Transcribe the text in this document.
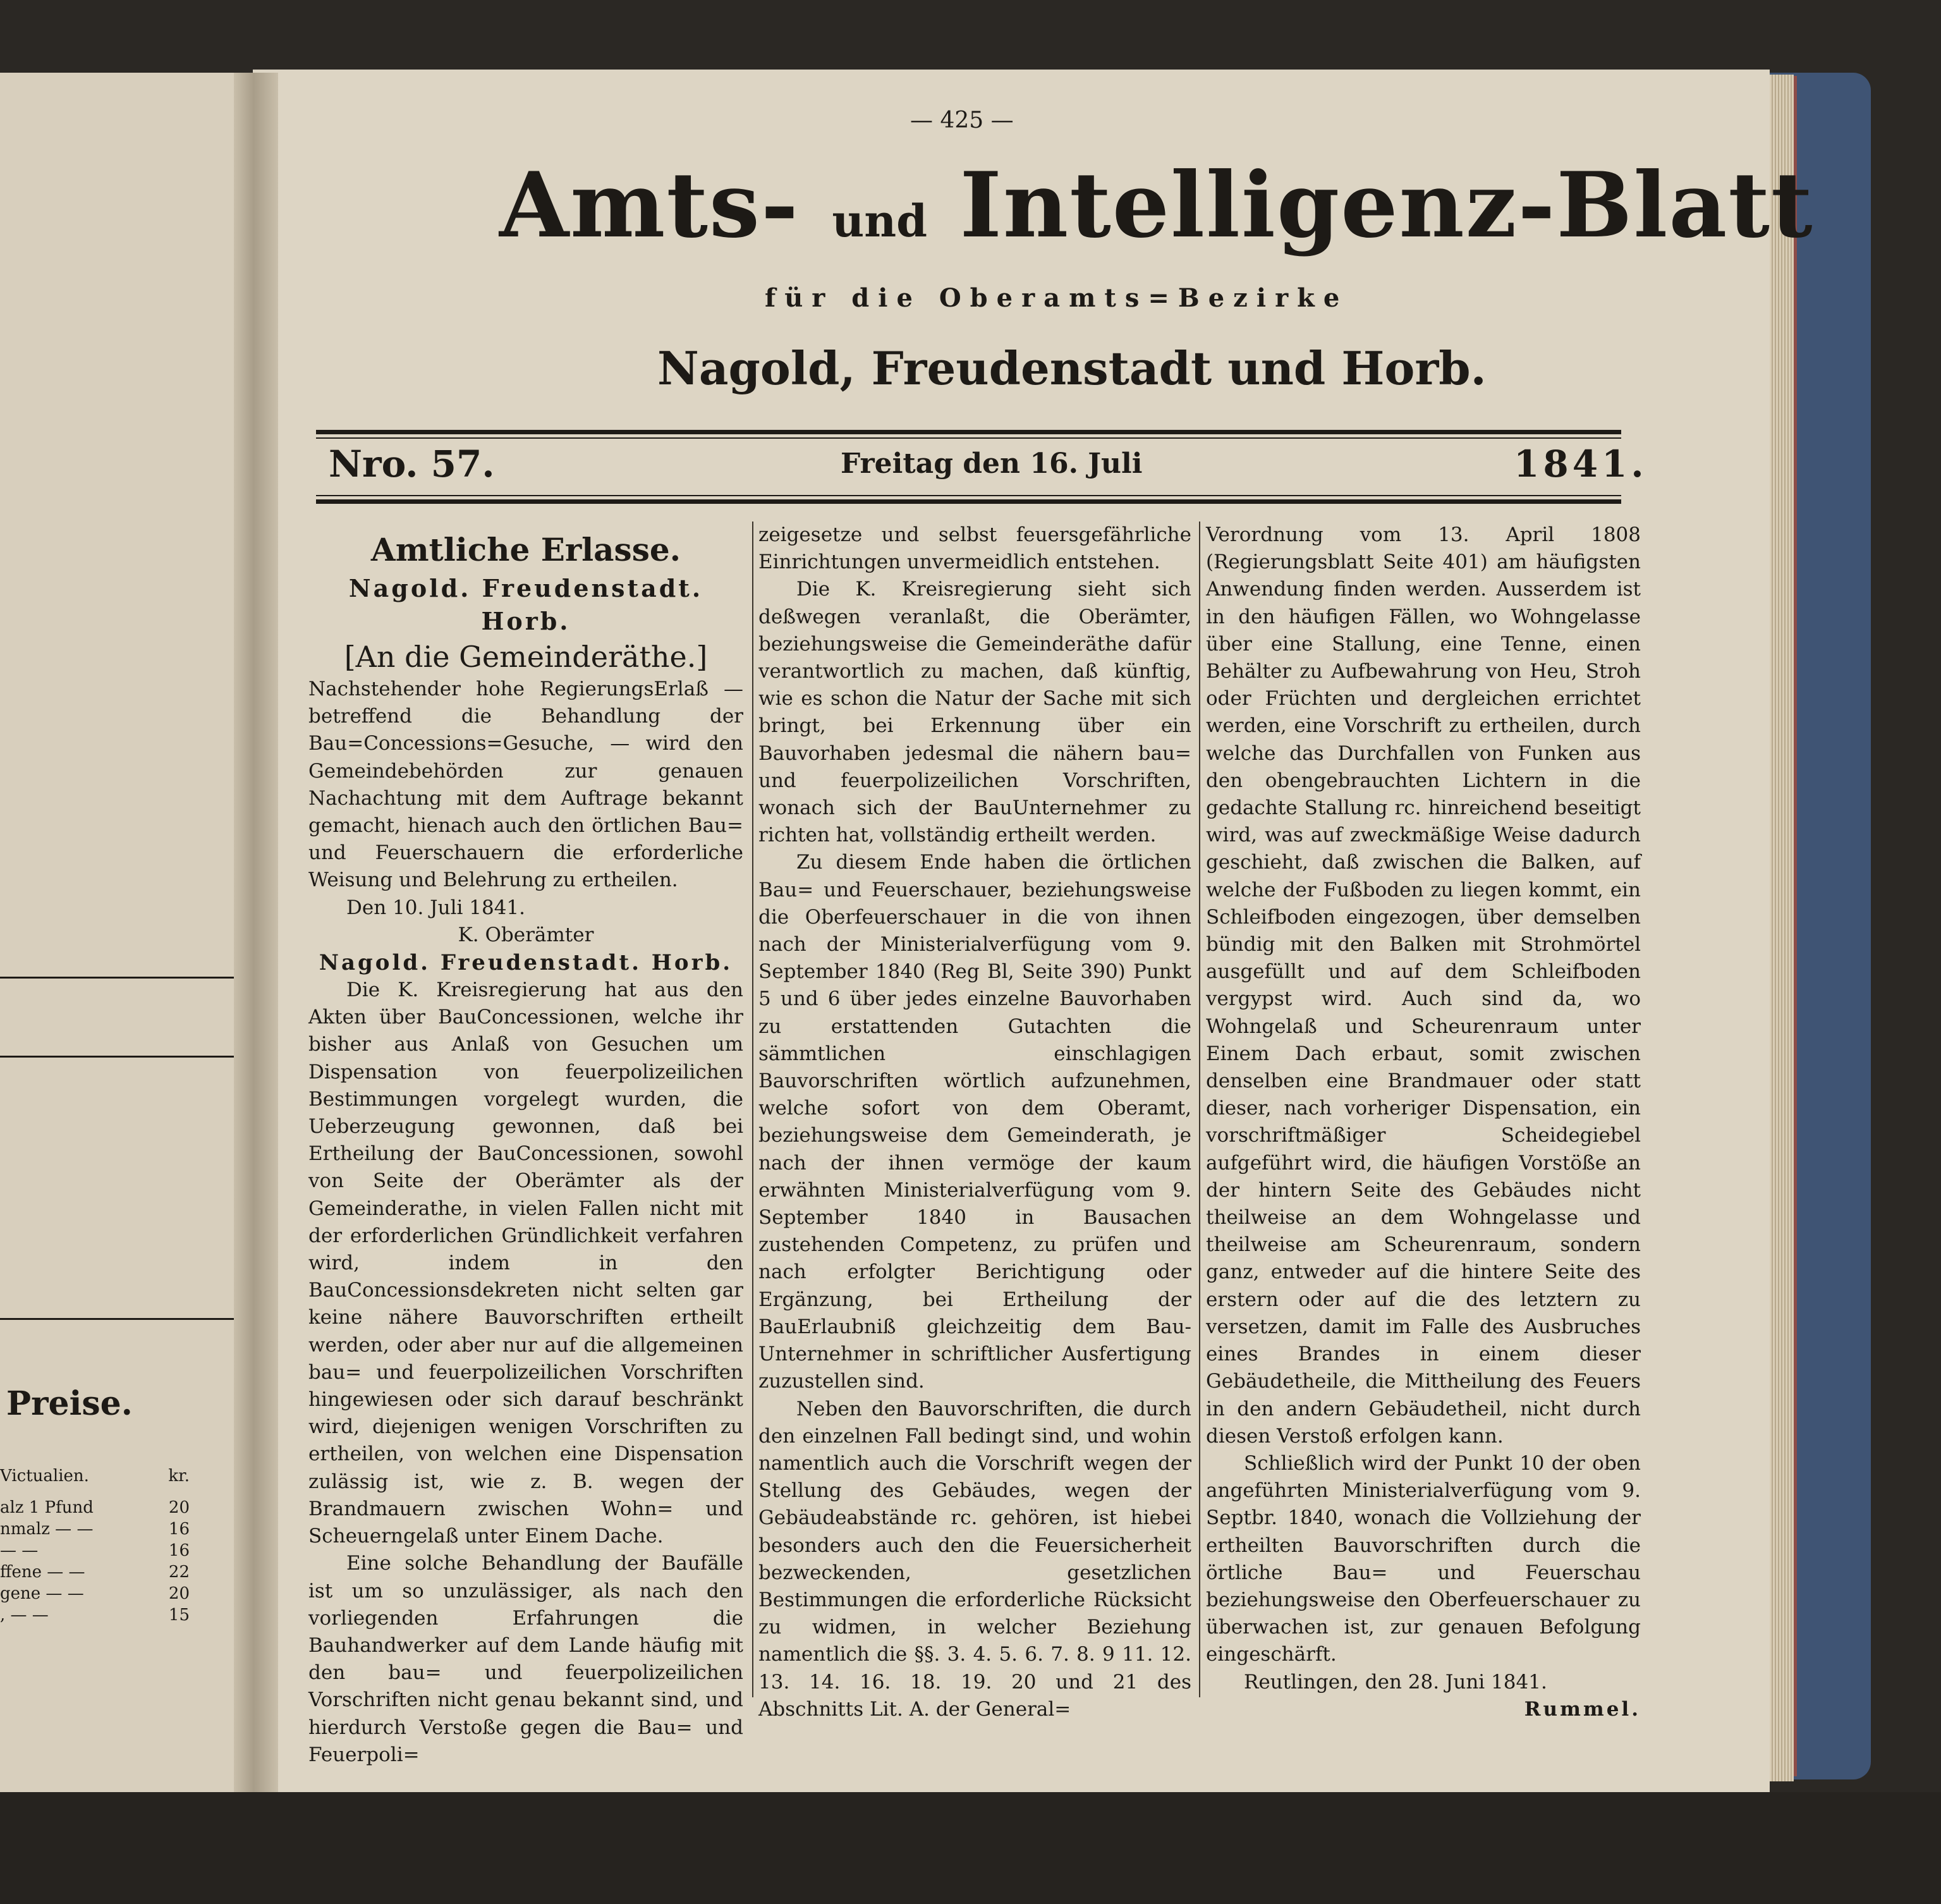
Preise.
Victualien.	kr.
alz 1 Pfund	20
nmalz — —	16
— —	16
ffene — —	22
gene — —	20
, — —	15
— 425 —
Amts- und Intelligenz-Blatt
für die Oberamts=Bezirke
Nagold, Freudenstadt und Horb.
Nro. 57.	Freitag den 16. Juli	1841.

Amtliche Erlasse.

Nagold. Freudenstadt. Horb.

[An die Gemeinderäthe.]

Nachstehender hohe RegierungsErlaß — betreffend die Behandlung der Bau=Concessions=Gesuche, — wird den Gemeindebehörden zur genauen Nachachtung mit dem Auftrage bekannt gemacht, hienach auch den örtlichen Bau= und Feuerschauern die erforderliche Weisung und Belehrung zu ertheilen.

Den 10. Juli 1841.

K. Oberämter

Nagold. Freudenstadt. Horb.

Die K. Kreisregierung hat aus den Akten über BauConcessionen, welche ihr bisher aus Anlaß von Gesuchen um Dispensation von feuerpolizeilichen Bestimmungen vorgelegt wurden, die Ueberzeugung gewonnen, daß bei Ertheilung der BauConcessionen, sowohl von Seite der Oberämter als der Gemeinderathe, in vielen Fallen nicht mit der erforderlichen Gründlichkeit verfahren wird, indem in den BauConcessionsdekreten nicht selten gar keine nähere Bauvorschriften ertheilt werden, oder aber nur auf die allgemeinen bau= und feuerpolizeilichen Vorschriften hingewiesen oder sich darauf beschränkt wird, diejenigen wenigen Vorschriften zu ertheilen, von welchen eine Dispensation zulässig ist, wie z. B. wegen der Brandmauern zwischen Wohn= und Scheuerngelaß unter Einem Dache.

Eine solche Behandlung der Baufälle ist um so unzulässiger, als nach den vorliegenden Erfahrungen die Bauhandwerker auf dem Lande häufig mit den bau= und feuerpolizeilichen Vorschriften nicht genau bekannt sind, und hierdurch Verstoße gegen die Bau= und Feuerpoli=

zeigesetze und selbst feuersgefährliche Einrichtungen unvermeidlich entstehen.

Die K. Kreisregierung sieht sich deßwegen veranlaßt, die Oberämter, beziehungsweise die Gemeinderäthe dafür verantwortlich zu machen, daß künftig, wie es schon die Natur der Sache mit sich bringt, bei Erkennung über ein Bauvorhaben jedesmal die nähern bau= und feuerpolizeilichen Vorschriften, wonach sich der BauUnternehmer zu richten hat, vollständig ertheilt werden.

Zu diesem Ende haben die örtlichen Bau= und Feuerschauer, beziehungsweise die Oberfeuerschauer in die von ihnen nach der Ministerialverfügung vom 9. September 1840 (Reg Bl, Seite 390) Punkt 5 und 6 über jedes einzelne Bauvorhaben zu erstattenden Gutachten die sämmtlichen einschlagigen Bauvorschriften wörtlich aufzunehmen, welche sofort von dem Oberamt, beziehungsweise dem Gemeinderath, je nach der ihnen vermöge der kaum erwähnten Ministerialverfügung vom 9. September 1840 in Bausachen zustehenden Competenz, zu prüfen und nach erfolgter Berichtigung oder Ergänzung, bei Ertheilung der BauErlaubniß gleichzeitig dem Bau-Unternehmer in schriftlicher Ausfertigung zuzustellen sind.

Neben den Bauvorschriften, die durch den einzelnen Fall bedingt sind, und wohin namentlich auch die Vorschrift wegen der Stellung des Gebäudes, wegen der Gebäudeabstände rc. gehören, ist hiebei besonders auch den die Feuersicherheit bezweckenden, gesetzlichen Bestimmungen die erforderliche Rücksicht zu widmen, in welcher Beziehung namentlich die §§. 3. 4. 5. 6. 7. 8. 9 11. 12. 13. 14. 16. 18. 19. 20 und 21 des Abschnitts Lit. A. der General=

Verordnung vom 13. April 1808 (Regierungsblatt Seite 401) am häufigsten Anwendung finden werden. Ausserdem ist in den häufigen Fällen, wo Wohngelasse über eine Stallung, eine Tenne, einen Behälter zu Aufbewahrung von Heu, Stroh oder Früchten und dergleichen errichtet werden, eine Vorschrift zu ertheilen, durch welche das Durchfallen von Funken aus den obengebrauchten Lichtern in die gedachte Stallung rc. hinreichend beseitigt wird, was auf zweckmäßige Weise dadurch geschieht, daß zwischen die Balken, auf welche der Fußboden zu liegen kommt, ein Schleifboden eingezogen, über demselben bündig mit den Balken mit Strohmörtel ausgefüllt und auf dem Schleifboden vergypst wird. Auch sind da, wo Wohngelaß und Scheurenraum unter Einem Dach erbaut, somit zwischen denselben eine Brandmauer oder statt dieser, nach vorheriger Dispensation, ein vorschriftmäßiger Scheidegiebel aufgeführt wird, die häufigen Vorstöße an der hintern Seite des Gebäudes nicht theilweise an dem Wohngelasse und theilweise am Scheurenraum, sondern ganz, entweder auf die hintere Seite des erstern oder auf die des letztern zu versetzen, damit im Falle des Ausbruches eines Brandes in einem dieser Gebäudetheile, die Mittheilung des Feuers in den andern Gebäudetheil, nicht durch diesen Verstoß erfolgen kann.

Schließlich wird der Punkt 10 der oben angeführten Ministerialverfügung vom 9. Septbr. 1840, wonach die Vollziehung der ertheilten Bauvorschriften durch die örtliche Bau= und Feuerschau beziehungsweise den Oberfeuerschauer zu überwachen ist, zur genauen Befolgung eingeschärft.

Reutlingen, den 28. Juni 1841.

Rummel.
